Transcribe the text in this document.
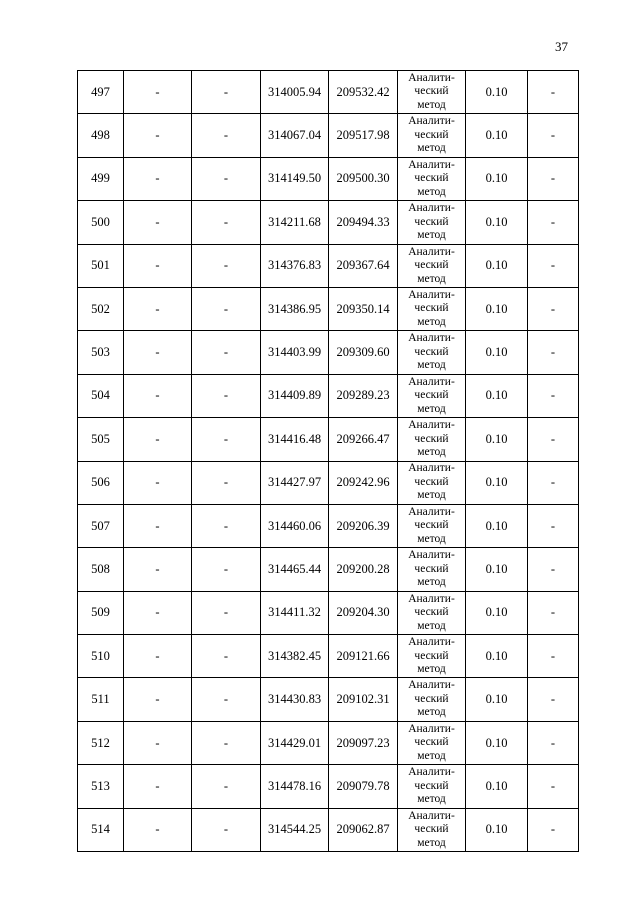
37
497	-	-	314005.94	209532.42	Аналити-
ческий
метод	0.10	-
498	-	-	314067.04	209517.98	Аналити-
ческий
метод	0.10	-
499	-	-	314149.50	209500.30	Аналити-
ческий
метод	0.10	-
500	-	-	314211.68	209494.33	Аналити-
ческий
метод	0.10	-
501	-	-	314376.83	209367.64	Аналити-
ческий
метод	0.10	-
502	-	-	314386.95	209350.14	Аналити-
ческий
метод	0.10	-
503	-	-	314403.99	209309.60	Аналити-
ческий
метод	0.10	-
504	-	-	314409.89	209289.23	Аналити-
ческий
метод	0.10	-
505	-	-	314416.48	209266.47	Аналити-
ческий
метод	0.10	-
506	-	-	314427.97	209242.96	Аналити-
ческий
метод	0.10	-
507	-	-	314460.06	209206.39	Аналити-
ческий
метод	0.10	-
508	-	-	314465.44	209200.28	Аналити-
ческий
метод	0.10	-
509	-	-	314411.32	209204.30	Аналити-
ческий
метод	0.10	-
510	-	-	314382.45	209121.66	Аналити-
ческий
метод	0.10	-
511	-	-	314430.83	209102.31	Аналити-
ческий
метод	0.10	-
512	-	-	314429.01	209097.23	Аналити-
ческий
метод	0.10	-
513	-	-	314478.16	209079.78	Аналити-
ческий
метод	0.10	-
514	-	-	314544.25	209062.87	Аналити-
ческий
метод	0.10	-
